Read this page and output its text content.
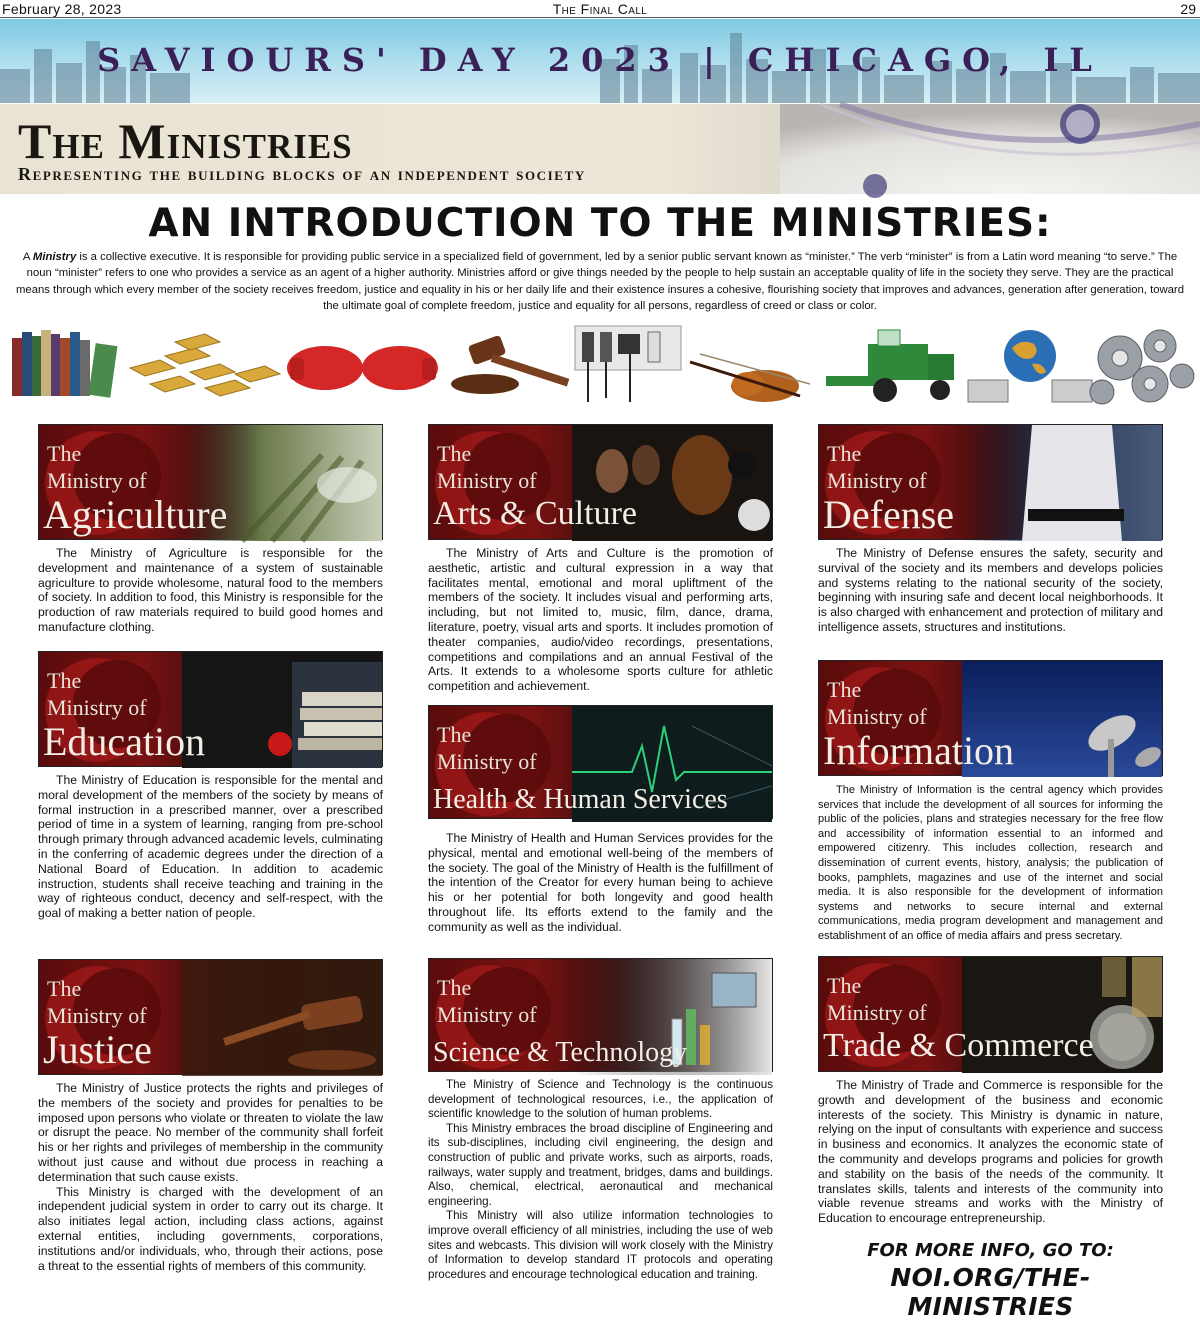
February 28, 2023	The Final Call	29
SAVIOURS' DAY 2023 | CHICAGO, IL
The Ministries
Representing the building blocks of an independent society
AN INTRODUCTION TO THE MINISTRIES:
A Ministry is a collective executive. It is responsible for providing public service in a specialized field of government, led by a senior public servant known as “minister.” The verb “minister” is from a Latin word meaning “to serve.” The noun “minister” refers to one who provides a service as an agent of a higher authority. Ministries afford or give things needed by the people to help sustain an acceptable quality of life in the society they serve. They are the practical means through which every member of the society receives freedom, justice and equality in his or her daily life and their existence insures a cohesive, flourishing society that improves and advances, generation after generation, toward the ultimate goal of complete freedom, justice and equality for all persons, regardless of creed or class or color.
The
Ministry of
Agriculture

The Ministry of Agriculture is responsible for the development and maintenance of a system of sustainable agriculture to provide wholesome, natural food to the members of society. In addition to food, this Ministry is responsible for the production of raw materials required to build good homes and manufacture clothing.

The
Ministry of
Education

The Ministry of Education is responsible for the mental and moral development of the members of the society by means of formal instruction in a prescribed manner, over a prescribed period of time in a system of learning, ranging from pre-school through primary through advanced academic levels, culminating in the conferring of academic degrees under the direction of a National Board of Education. In addition to academic instruction, students shall receive teaching and training in the way of righteous conduct, decency and self-respect, with the goal of making a better nation of people.

The
Ministry of
Justice

The Ministry of Justice protects the rights and privileges of the members of the society and provides for penalties to be imposed upon persons who violate or threaten to violate the law or disrupt the peace. No member of the community shall forfeit his or her rights and privileges of membership in the community without just cause and without due process in reaching a determination that such cause exists.

This Ministry is charged with the development of an independent judicial system in order to carry out its charge. It also initiates legal action, including class actions, against external entities, including governments, corporations, institutions and/or individuals, who, through their actions, pose a threat to the essential rights of members of this community.

The
Ministry of
Arts & Culture

The Ministry of Arts and Culture is the promotion of aesthetic, artistic and cultural expression in a way that facilitates mental, emotional and moral upliftment of the members of the society. It includes visual and performing arts, including, but not limited to, music, film, dance, drama, literature, poetry, visual arts and sports. It includes promotion of theater companies, audio/video recordings, presentations, competitions and compilations and an annual Festival of the Arts. It extends to a wholesome sports culture for athletic competition and achievement.

The
Ministry of
Health & Human Services

The Ministry of Health and Human Services provides for the physical, mental and emotional well-being of the members of the society. The goal of the Ministry of Health is the fulfillment of the intention of the Creator for every human being to achieve his or her potential for both longevity and good health throughout life. Its efforts extend to the family and the community as well as the individual.

The
Ministry of
Science & Technology

The Ministry of Science and Technology is the continuous development of technological resources, i.e., the application of scientific knowledge to the solution of human problems.

This Ministry embraces the broad discipline of Engineering and its sub-disciplines, including civil engineering, the design and construction of public and private works, such as airports, roads, railways, water supply and treatment, bridges, dams and buildings. Also, chemical, electrical, aeronautical and mechanical engineering.

This Ministry will also utilize information technologies to improve overall efficiency of all ministries, including the use of web sites and webcasts. This division will work closely with the Ministry of Information to develop standard IT protocols and operating procedures and encourage technological education and training.

The
Ministry of
Defense

The Ministry of Defense ensures the safety, security and survival of the society and its members and develops policies and systems relating to the national security of the society, beginning with insuring safe and decent local neighborhoods. It is also charged with enhancement and protection of military and intelligence assets, structures and institutions.

The
Ministry of
Information

The Ministry of Information is the central agency which provides services that include the development of all sources for informing the public of the policies, plans and strategies necessary for the free flow and accessibility of information essential to an informed and empowered citizenry. This includes collection, research and dissemination of current events, history, analysis; the publication of books, pamphlets, magazines and use of the internet and social media. It is also responsible for the development of information systems and networks to secure internal and external communications, media program development and management and establishment of an office of media affairs and press secretary.

The
Ministry of
Trade & Commerce

The Ministry of Trade and Commerce is responsible for the growth and development of the business and economic interests of the society. This Ministry is dynamic in nature, relying on the input of consultants with experience and success in business and economics. It analyzes the economic state of the community and develops programs and policies for growth and stability on the basis of the needs of the community. It translates skills, talents and interests of the community into viable revenue streams and works with the Ministry of Education to encourage entrepreneurship.

FOR MORE INFO, GO TO:
NOI.ORG/THE-MINISTRIES
